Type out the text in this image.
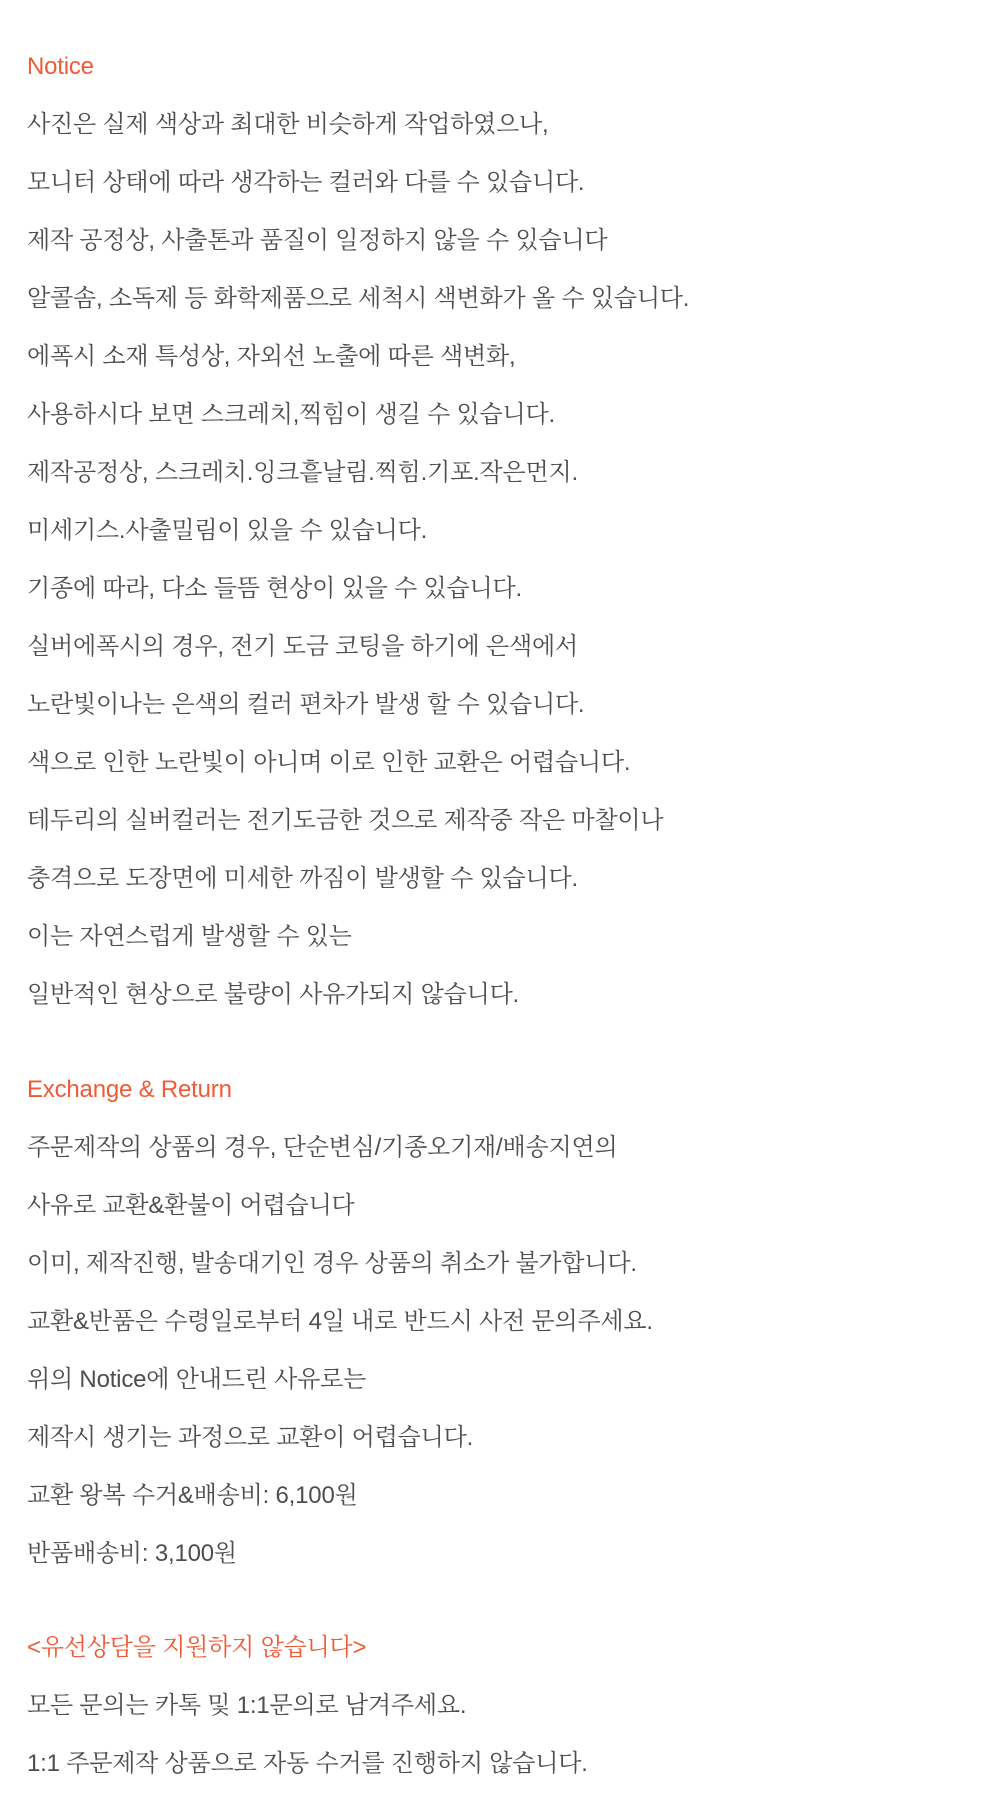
Notice

사진은 실제 색상과 최대한 비슷하게 작업하였으나,

모니터 상태에 따라 생각하는 컬러와 다를 수 있습니다.

제작 공정상, 사출톤과 품질이 일정하지 않을 수 있습니다

알콜솜, 소독제 등 화학제품으로 세척시 색변화가 올 수 있습니다.

에폭시 소재 특성상, 자외선 노출에 따른 색변화,

사용하시다 보면 스크레치,찍힘이 생길 수 있습니다.

제작공정상, 스크레치.잉크흩날림.찍힘.기포.작은먼지.

미세기스.사출밀림이 있을 수 있습니다.

기종에 따라, 다소 들뜸 현상이 있을 수 있습니다.

실버에폭시의 경우, 전기 도금 코팅을 하기에 은색에서

노란빛이나는 은색의 컬러 편차가 발생 할 수 있습니다.

색으로 인한 노란빛이 아니며 이로 인한 교환은 어렵습니다.

테두리의 실버컬러는 전기도금한 것으로 제작중 작은 마찰이나

충격으로 도장면에 미세한 까짐이 발생할 수 있습니다.

이는 자연스럽게 발생할 수 있는

일반적인 현상으로 불량이 사유가되지 않습니다.

Exchange & Return

주문제작의 상품의 경우, 단순변심/기종오기재/배송지연의

사유로 교환&환불이 어렵습니다

이미, 제작진행, 발송대기인 경우 상품의 취소가 불가합니다.

교환&반품은 수령일로부터 4일 내로 반드시 사전 문의주세요.

위의 Notice에 안내드린 사유로는

제작시 생기는 과정으로 교환이 어렵습니다.

교환 왕복 수거&배송비: 6,100원

반품배송비: 3,100원

<유선상담을 지원하지 않습니다>

모든 문의는 카톡 및 1:1문의로 남겨주세요.

1:1 주문제작 상품으로 자동 수거를 진행하지 않습니다.
